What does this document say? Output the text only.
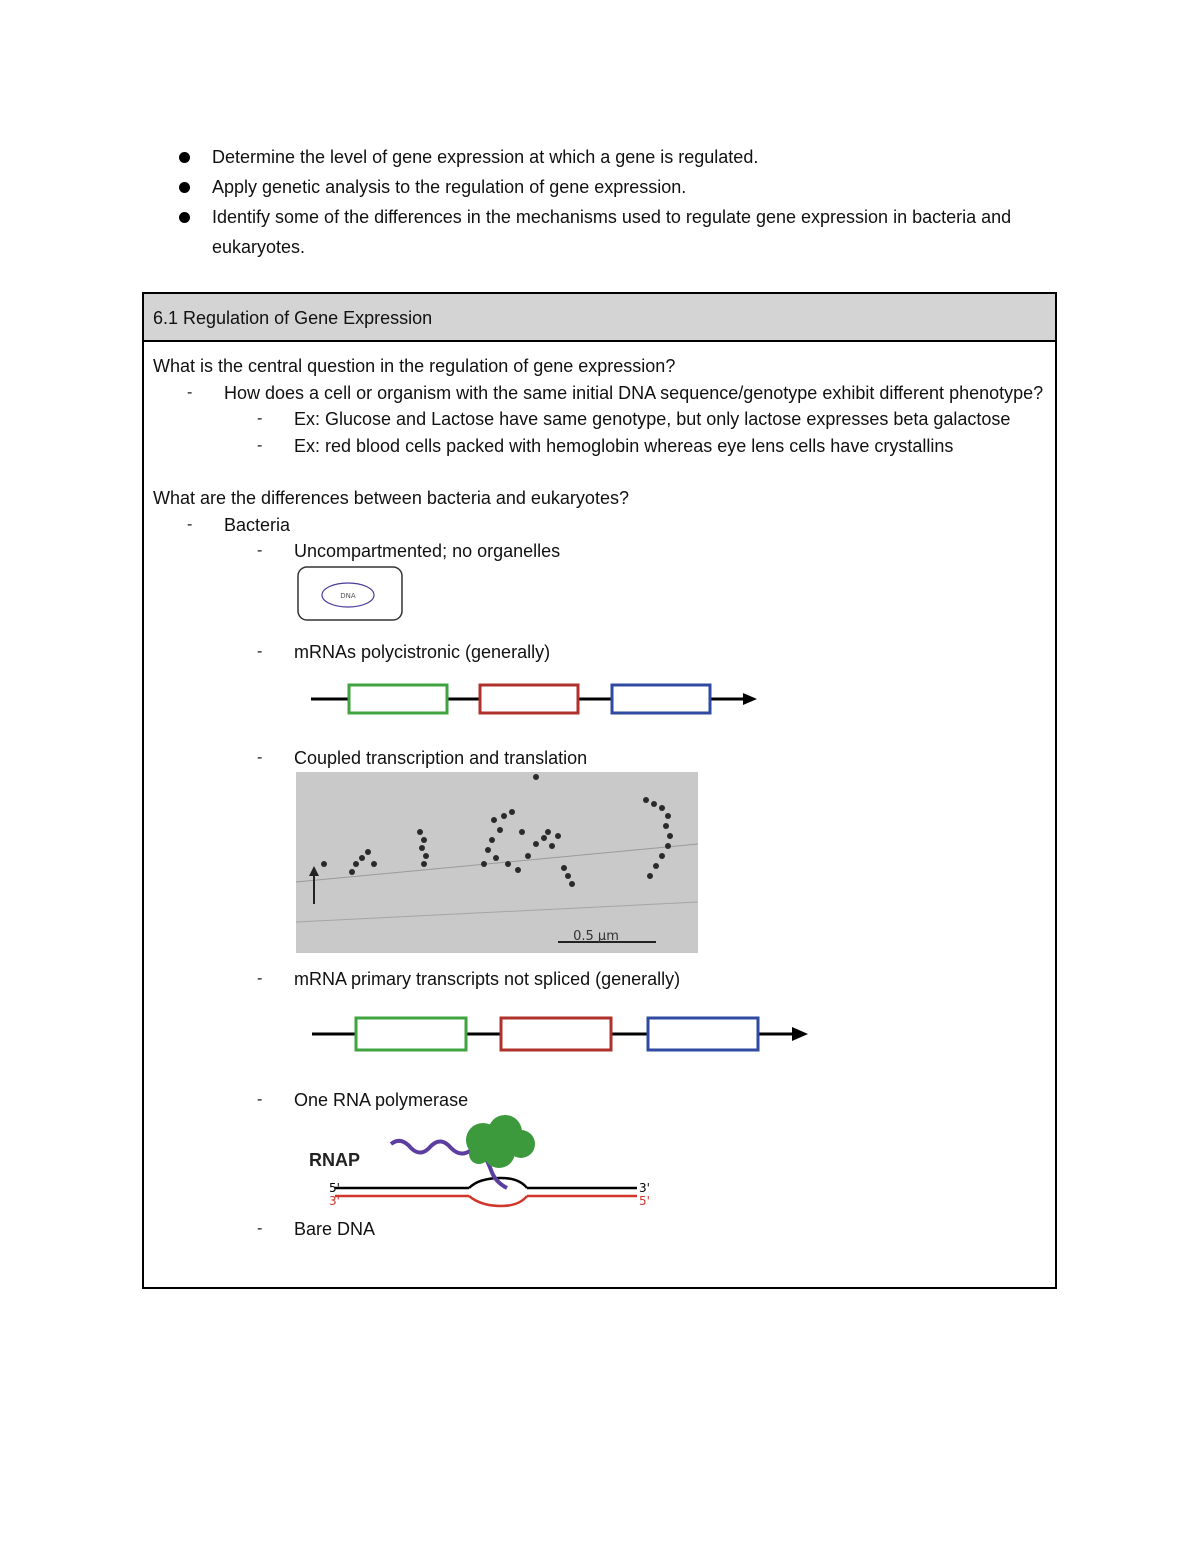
Determine the level of gene expression at which a gene is regulated.
Apply genetic analysis to the regulation of gene expression.
Identify some of the differences in the mechanisms used to regulate gene expression in bacteria and eukaryotes.
6.1 Regulation of Gene Expression

What is the central question in the regulation of gene expression?

- How does a cell or organism with the same initial DNA sequence/genotype exhibit different phenotype?
- Ex: Glucose and Lactose have same genotype, but only lactose expresses beta galactose
- Ex: red blood cells packed with hemoglobin whereas eye lens cells have crystallins

What are the differences between bacteria and eukaryotes?

- Bacteria
- Uncompartmented; no organelles
DNA
- mRNAs polycistronic (generally)
- Coupled transcription and translation
0.5 μm
- mRNA primary transcripts not spliced (generally)
- One RNA polymerase
RNAP
5'
3'
3'
5'
- Bare DNA
